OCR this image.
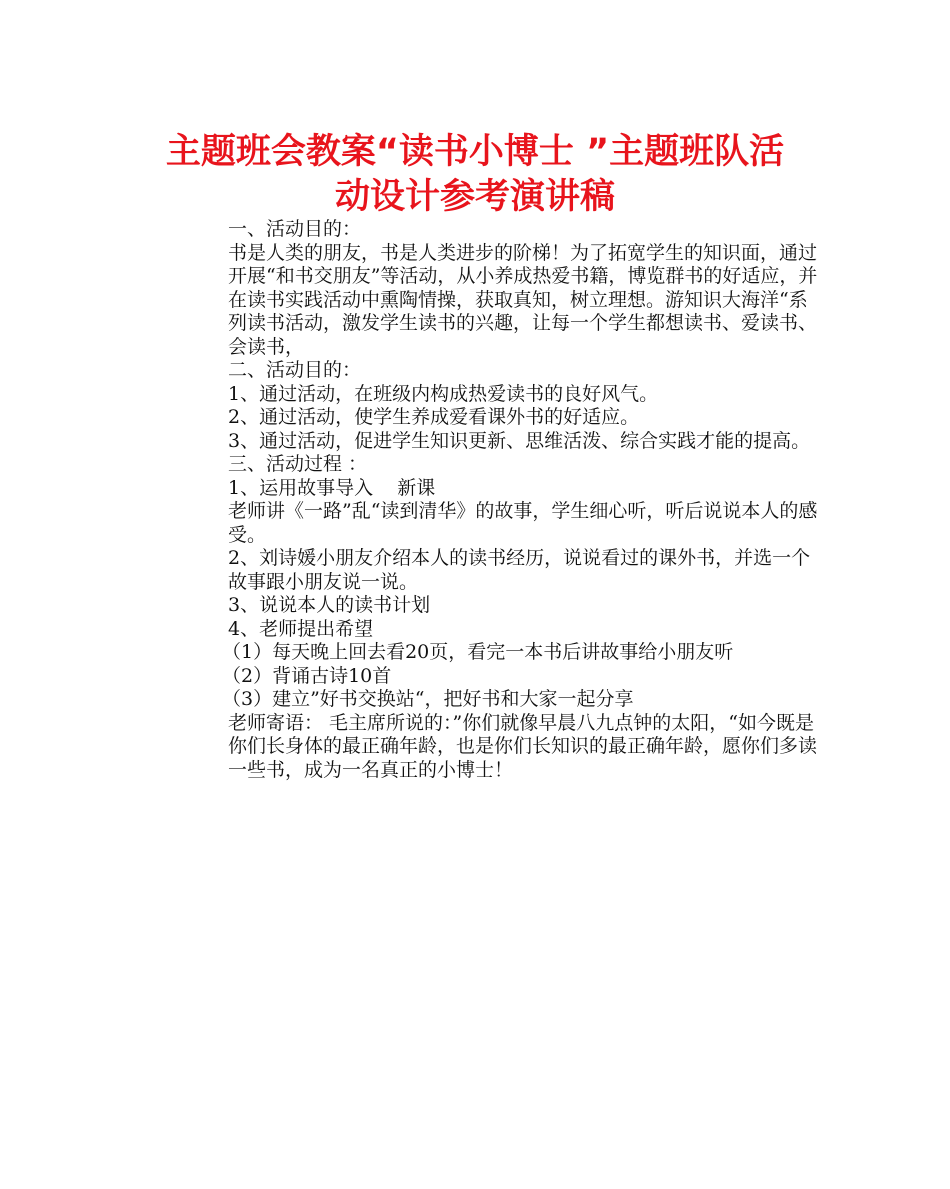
主题班会教案“读书小博士 ”主题班队活
动设计参考演讲稿

一、活动目的：

书是人类的朋友，书是人类进步的阶梯！为了拓宽学生的知识面，通过开展“和书交朋友”等活动，从小养成热爱书籍，博览群书的好适应，并在读书实践活动中熏陶情操，获取真知，树立理想。游知识大海洋“系列读书活动，激发学生读书的兴趣，让每一个学生都想读书、爱读书、会读书，

二、活动目的：

1、通过活动，在班级内构成热爱读书的良好风气。

2、通过活动，使学生养成爱看课外书的好适应。

3、通过活动，促进学生知识更新、思维活泼、综合实践才能的提高。

三、活动过程 ：

1、运用故事导入    新课

老师讲《一路”乱“读到清华》的故事，学生细心听，听后说说本人的感受。

2、刘诗媛小朋友介绍本人的读书经历，说说看过的课外书，并选一个故事跟小朋友说一说。

3、说说本人的读书计划

4、老师提出希望

（1）每天晚上回去看20页，看完一本书后讲故事给小朋友听

（2）背诵古诗10首

（3）建立”好书交换站“，把好书和大家一起分享

老师寄语： 毛主席所说的：”你们就像早晨八九点钟的太阳，“如今既是你们长身体的最正确年龄，也是你们长知识的最正确年龄，愿你们多读一些书，成为一名真正的小博士！
